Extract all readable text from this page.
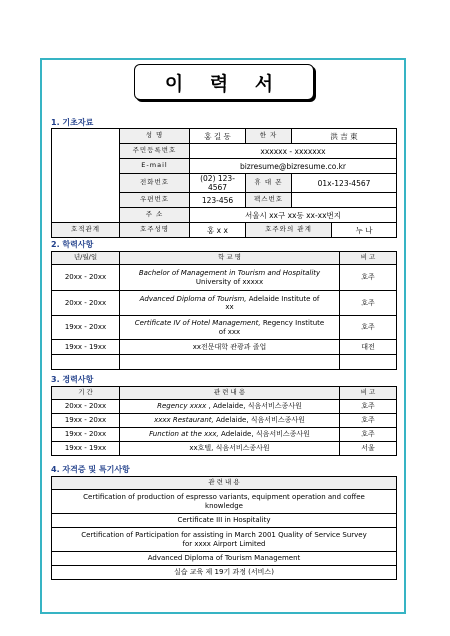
이 력 서
1. 기초자료
	성 명	홍 길 동	한 자	洪 吉 東	
	주민등록번호	xxxxxx - xxxxxxx			
	E-mail	bizresume@bizresume.co.kr			
	전화번호	(02) 123-4567	휴 대 폰	01x-123-4567	
	우편번호	123-456	팩스번호		
	주 소	서울시 xx구 xx동 xx-xx번지			
호적관계	호주성명	홍 x x	호주와의 관계		누 나
2. 학력사항
년/월/일	학 교 명	비 고
20xx - 20xx	Bachelor of Management in Tourism and Hospitality
University of xxxxx	호주
20xx - 20xx	Advanced Diploma of Tourism, Adelaide Institute of
xx	호주
19xx - 20xx	Certificate IV of Hotel Management, Regency Institute
of xxx	호주
19xx - 19xx	xx전문대학 관광과 졸업	대전

3. 경력사항
기 간	관 련 내 용	비 고
20xx - 20xx	Regency xxxx , Adelaide, 식음서비스종사원	호주
19xx - 20xx	xxxx Restaurant, Adelaide, 식음서비스종사원	호주
19xx - 20xx	Function at the xxx, Adelaide, 식음서비스종사원	호주
19xx - 19xx	xx호텔, 식음서비스종사원	서울
4. 자격증 및 특기사항
관 련 내 용
Certification of production of espresso variants, equipment operation and coffee
knowledge
Certificate III in Hospitality
Certification of Participation for assisting in March 2001 Quality of Service Survey
for xxxx Airport Limited
Advanced Diploma of Tourism Management
실습 교육 제 19기 과정 (서비스)
